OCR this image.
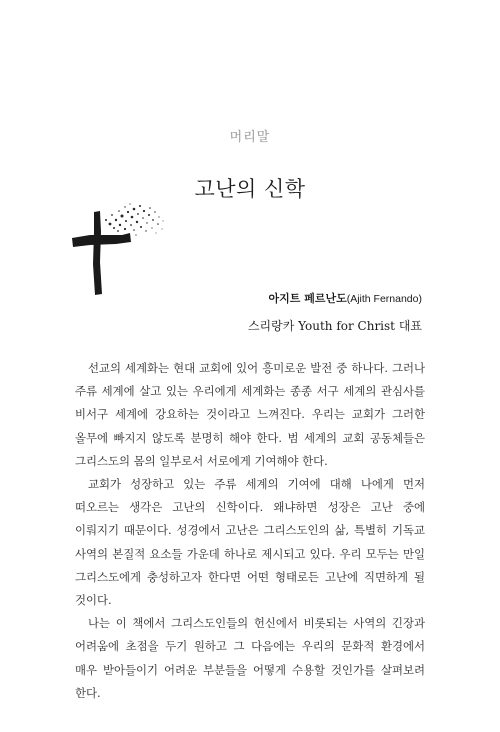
머리말
고난의 신학
아지트 페르난도(Ajith Fernando)
스리랑카 Youth for Christ 대표

선교의 세계화는 현대 교회에 있어 흥미로운 발전 중 하나다. 그러나 주류 세계에 살고 있는 우리에게 세계화는 종종 서구 세계의 관심사를 비서구 세계에 강요하는 것이라고 느껴진다. 우리는 교회가 그러한 올무에 빠지지 않도록 분명히 해야 한다. 범 세계의 교회 공동체들은 그리스도의 몸의 일부로서 서로에게 기여해야 한다.

교회가 성장하고 있는 주류 세계의 기여에 대해 나에게 먼저 떠오르는 생각은 고난의 신학이다. 왜냐하면 성장은 고난 중에 이뤄지기 때문이다. 성경에서 고난은 그리스도인의 삶, 특별히 기독교 사역의 본질적 요소들 가운데 하나로 제시되고 있다. 우리 모두는 만일 그리스도에게 충성하고자 한다면 어떤 형태로든 고난에 직면하게 될 것이다.

나는 이 책에서 그리스도인들의 헌신에서 비롯되는 사역의 긴장과 어려움에 초점을 두기 원하고 그 다음에는 우리의 문화적 환경에서 매우 받아들이기 어려운 부분들을 어떻게 수용할 것인가를 살펴보려 한다.
